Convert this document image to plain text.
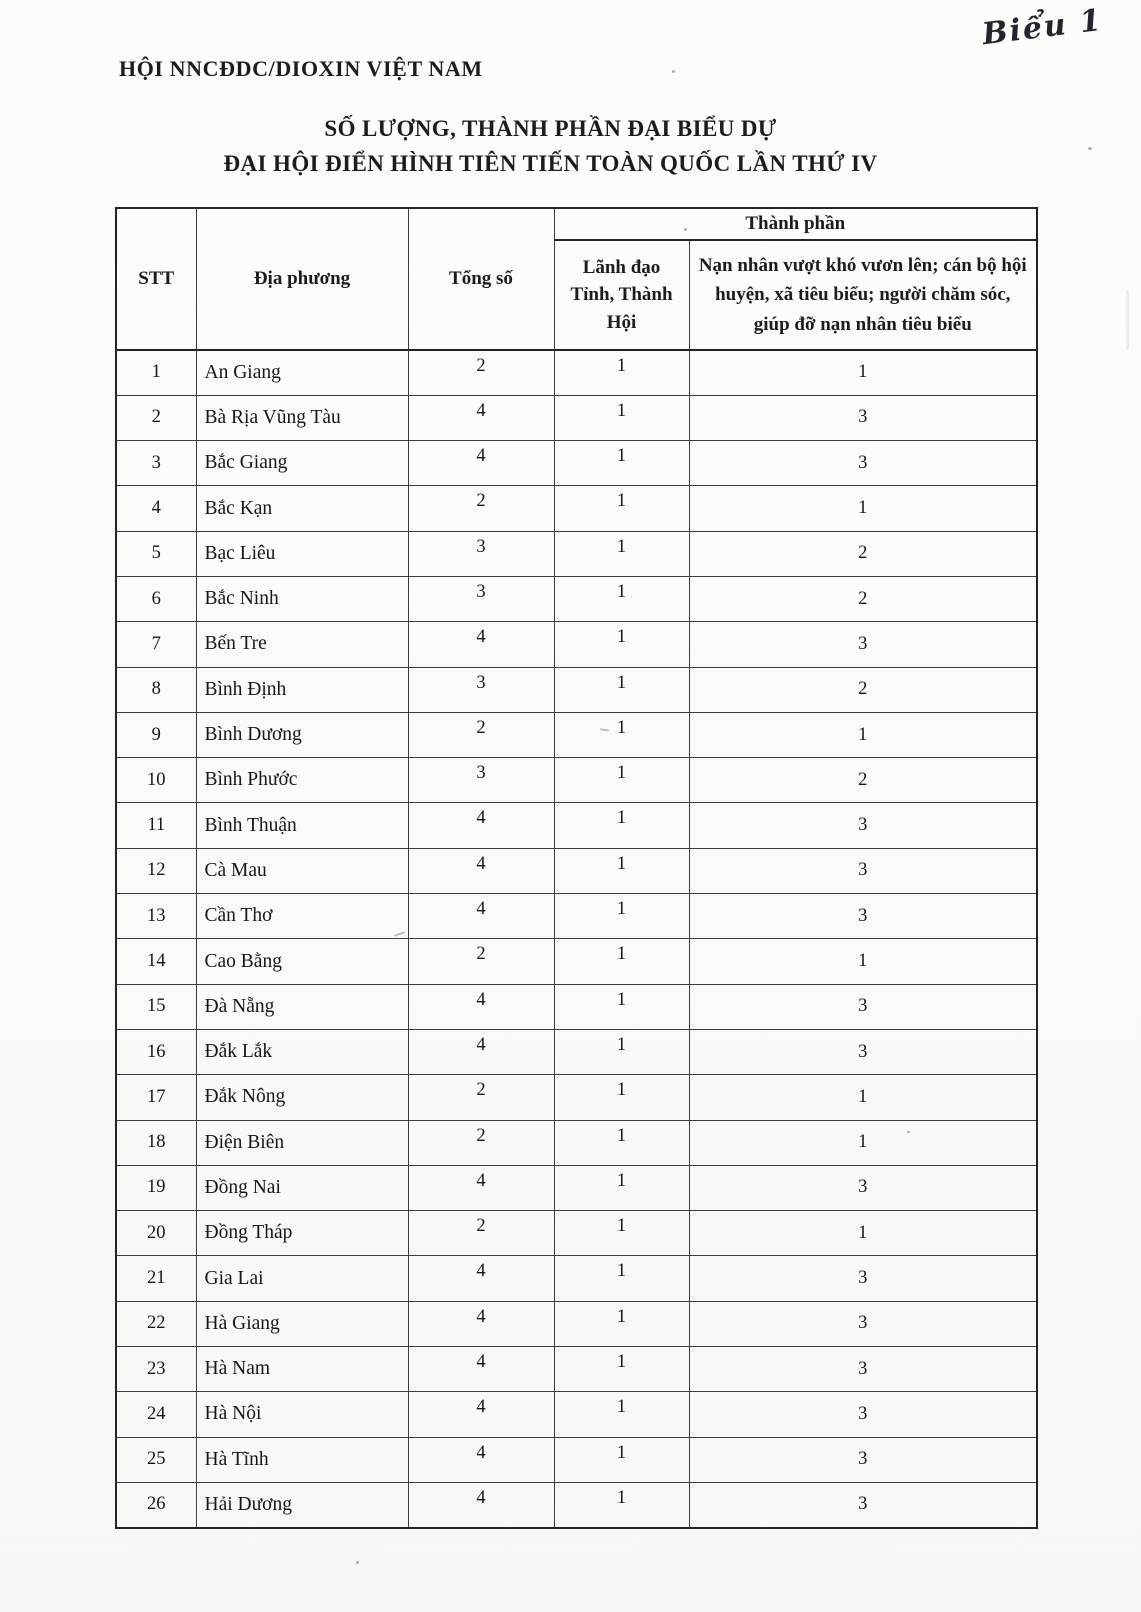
Biểu 1
HỘI NNCĐDC/DIOXIN VIỆT NAM
SỐ LƯỢNG, THÀNH PHẦN ĐẠI BIỂU DỰ
ĐẠI HỘI ĐIỂN HÌNH TIÊN TIẾN TOÀN QUỐC LẦN THỨ IV
STT	Địa phương	Tổng số	Thành phần	
			Lãnh đạo Tỉnh, Thành Hội	Nạn nhân vượt khó vươn lên; cán bộ hội huyện, xã tiêu biểu; người chăm sóc, giúp đỡ nạn nhân tiêu biểu
1	An Giang	2	1	1
2	Bà Rịa Vũng Tàu	4	1	3
3	Bắc Giang	4	1	3
4	Bắc Kạn	2	1	1
5	Bạc Liêu	3	1	2
6	Bắc Ninh	3	1	2
7	Bến Tre	4	1	3
8	Bình Định	3	1	2
9	Bình Dương	2	1	1
10	Bình Phước	3	1	2
11	Bình Thuận	4	1	3
12	Cà Mau	4	1	3
13	Cần Thơ	4	1	3
14	Cao Bằng	2	1	1
15	Đà Nẵng	4	1	3
16	Đắk Lắk	4	1	3
17	Đắk Nông	2	1	1
18	Điện Biên	2	1	1
19	Đồng Nai	4	1	3
20	Đồng Tháp	2	1	1
21	Gia Lai	4	1	3
22	Hà Giang	4	1	3
23	Hà Nam	4	1	3
24	Hà Nội	4	1	3
25	Hà Tĩnh	4	1	3
26	Hải Dương	4	1	3
